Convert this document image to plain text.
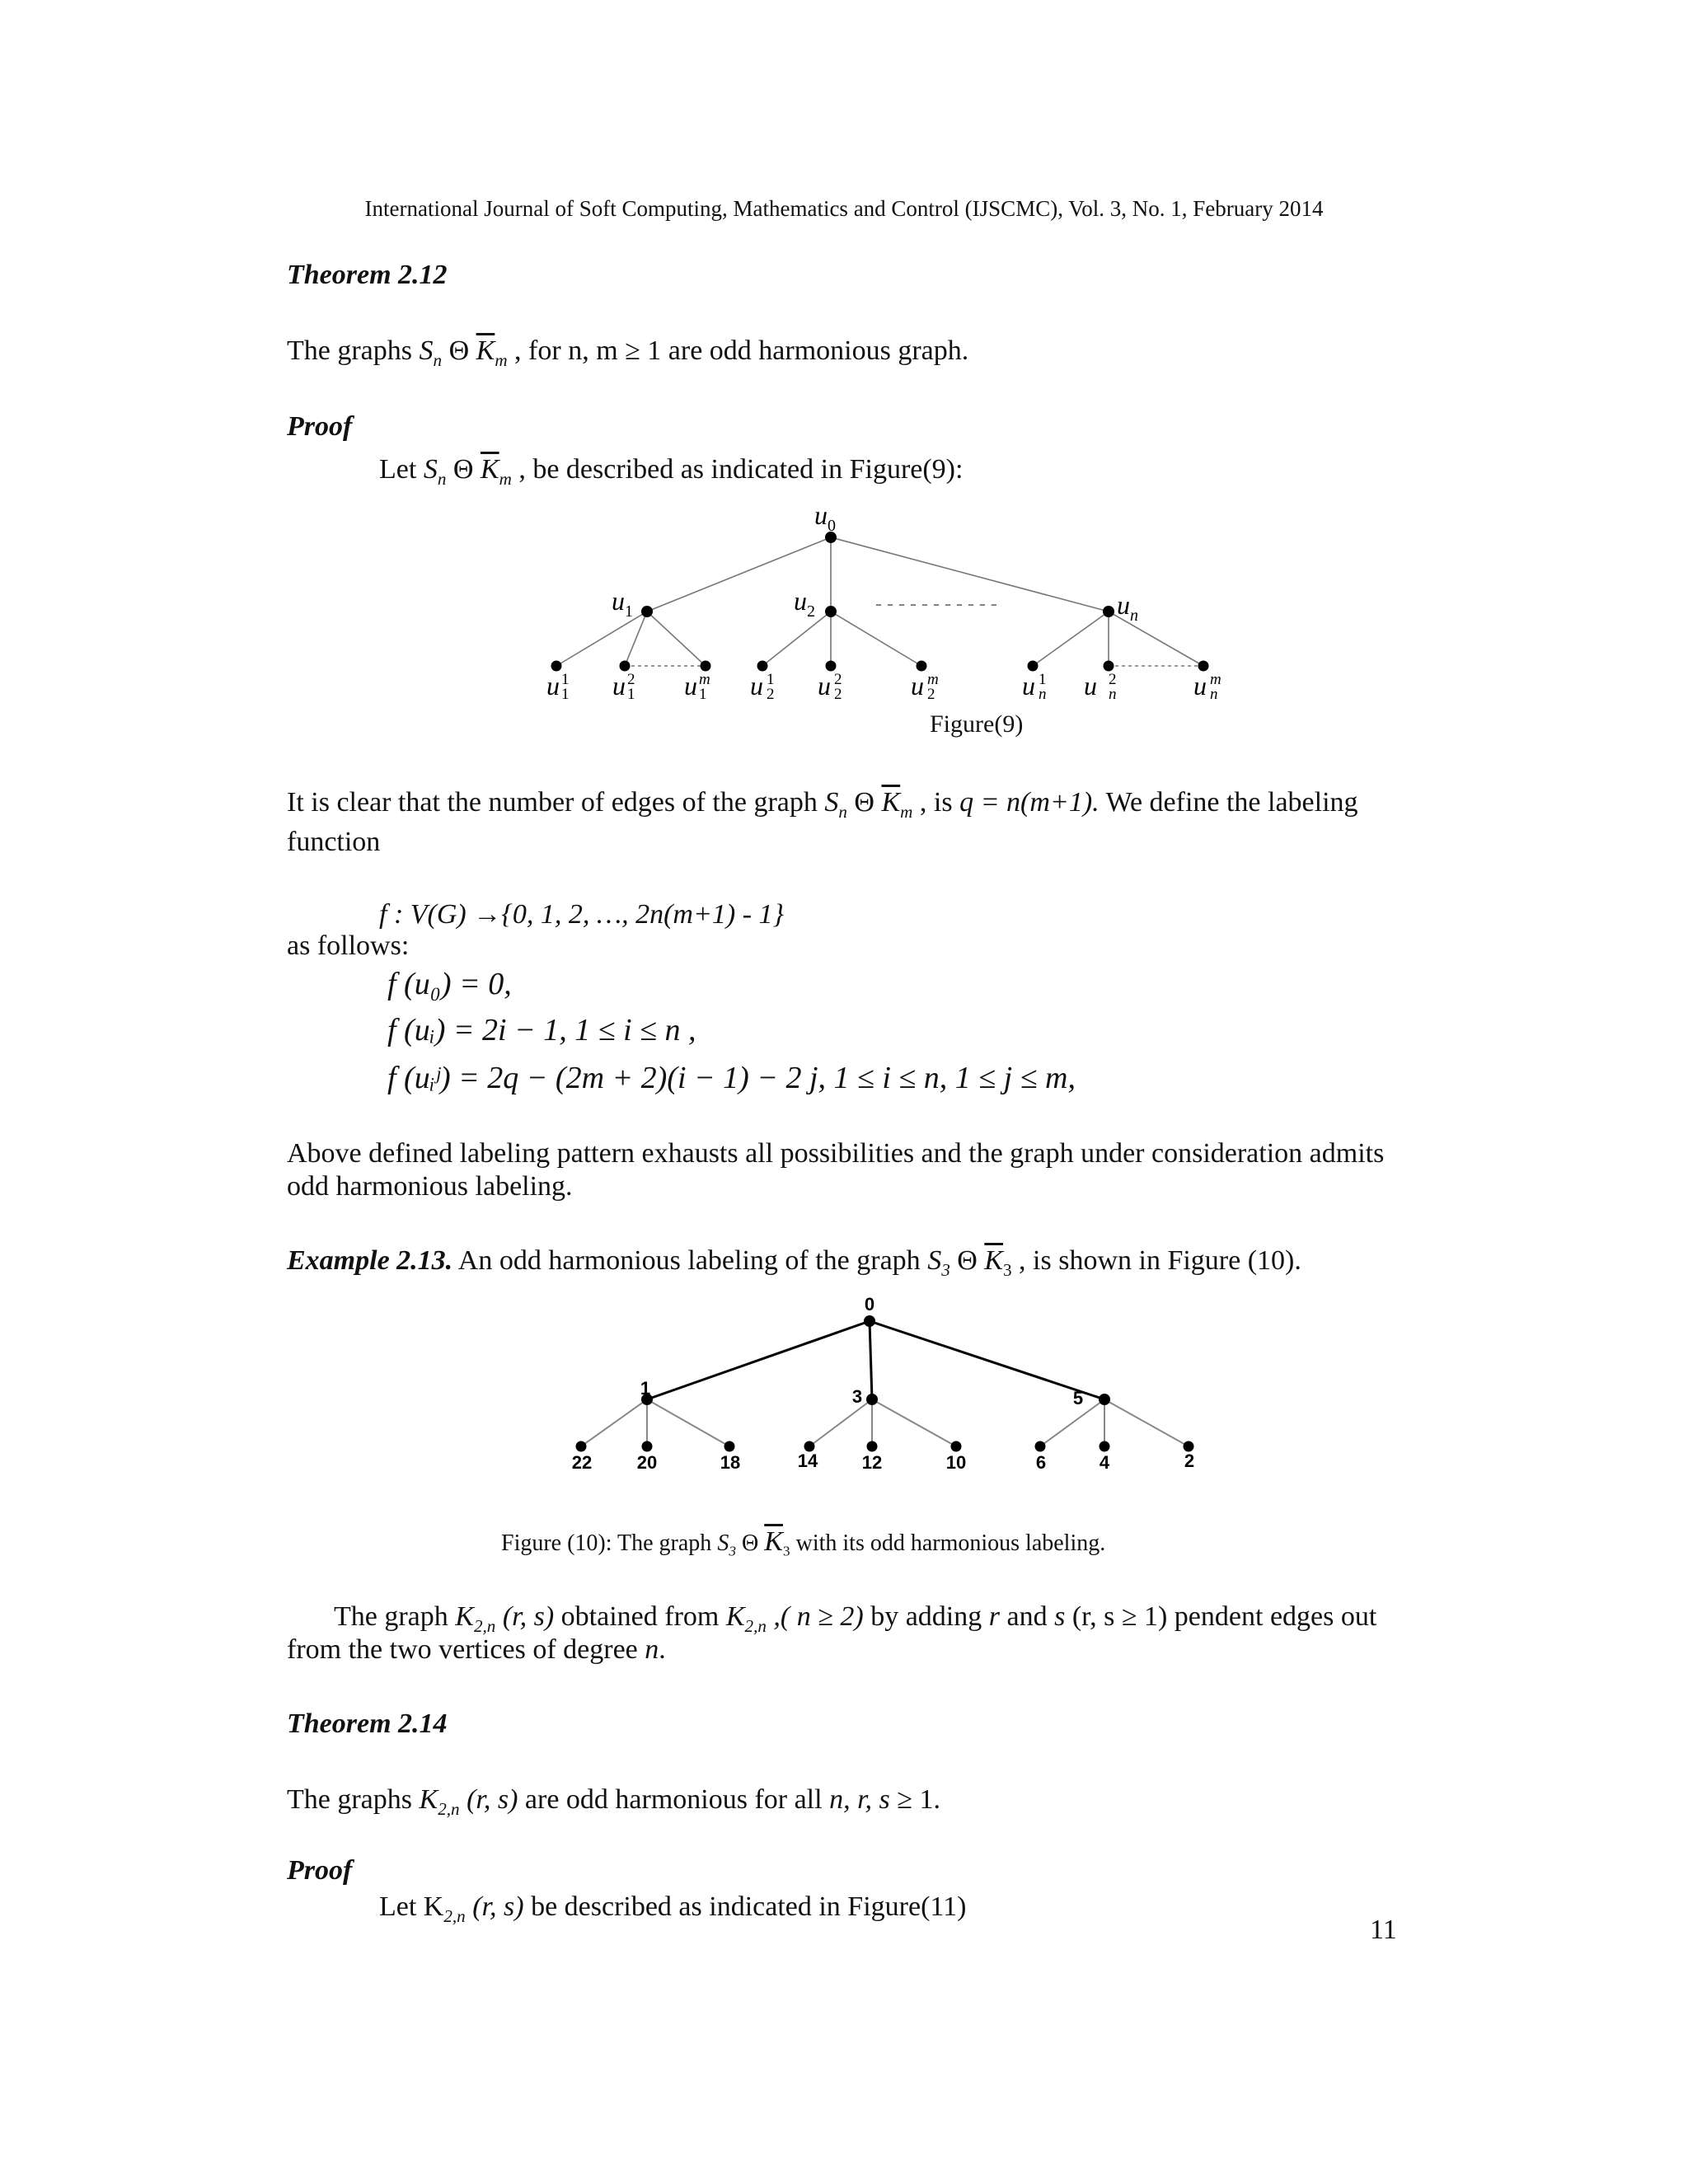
International Journal of Soft Computing, Mathematics and Control (IJSCMC), Vol. 3, No. 1, February 2014
Theorem 2.12
The graphs $S_n$ Θ $\overline{K}_m$ , for n, m ≥ 1 are odd harmonious graph.
Proof
Let $S_n$ Θ $\overline{K}_m$ , be described as indicated in Figure(9):
- - - - - - - - - - -
$u_0$
$u_1$	$u_2$	$u_n$
u 1
1 u 2
1 u m
1 u 1
2 u 2
2	u m
2	u 1
n u 2
n	u m
n
Figure(9)
It is clear that the number of edges of the graph $S_n$ Θ $\overline{K}_m$ , is q = n(m+1). We define the labeling
function
f : V(G) →{0, 1, 2, …, 2n(m+1) - 1}
as follows:
f (u₀) = 0,
f (uᵢ) = 2i − 1, 1 ≤ i ≤ n ,
f (uᵢʲ) = 2q − (2m + 2)(i − 1) − 2 j, 1 ≤ i ≤ n, 1 ≤ j ≤ m,
Above defined labeling pattern exhausts all possibilities and the graph under consideration admits
odd harmonious labeling.
Example 2.13. An odd harmonious labeling of the graph $S_3$ Θ $\overline{K}_3$ , is shown in Figure (10).
0
1	3	5
22 20	18	14 12	10	6	4	2
Figure (10): The graph $S_3$ Θ $\overline{K}_3$ with its odd harmonious labeling.
The graph $K_{2,n}$ (r, s) obtained from $K_{2,n}$ ,( n ≥ 2) by adding r and s (r, s ≥ 1) pendent edges out
from the two vertices of degree n.
Theorem 2.14
The graphs $K_{2,n}$ (r, s) are odd harmonious for all n, r, s ≥ 1.
Proof
Let $K_{2,n}$ (r, s) be described as indicated in Figure(11)
11
